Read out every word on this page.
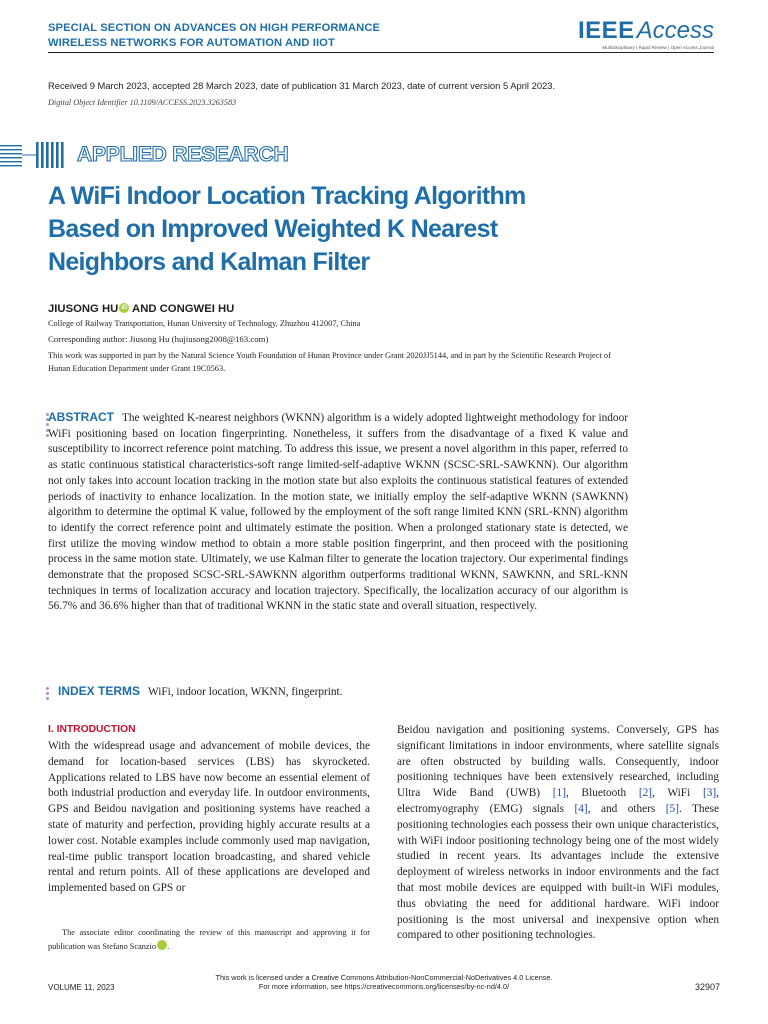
SPECIAL SECTION ON ADVANCES ON HIGH PERFORMANCE
WIRELESS NETWORKS FOR AUTOMATION AND IIOT	IEEEAccess
Multidisciplinary | Rapid Review | Open Access Journal
Received 9 March 2023, accepted 28 March 2023, date of publication 31 March 2023, date of current version 5 April 2023.
Digital Object Identifier 10.1109/ACCESS.2023.3263583
APPLIED RESEARCH
A WiFi Indoor Location Tracking Algorithm
Based on Improved Weighted K Nearest
Neighbors and Kalman Filter
JIUSONG HU iD AND CONGWEI HU
College of Railway Transportation, Hunan University of Technology, Zhuzhou 412007, China
Corresponding author: Jiusong Hu (hujiusong2008@163.com)
This work was supported in part by the Natural Science Youth Foundation of Hunan Province under Grant 2020JJ5144, and in part by the Scientific Research Project of Hunan Education Department under Grant 19C0563.
ABSTRACT The weighted K-nearest neighbors (WKNN) algorithm is a widely adopted lightweight methodology for indoor WiFi positioning based on location fingerprinting. Nonetheless, it suffers from the disadvantage of a fixed K value and susceptibility to incorrect reference point matching. To address this issue, we present a novel algorithm in this paper, referred to as static continuous statistical characteristics-soft range limited-self-adaptive WKNN (SCSC-SRL-SAWKNN). Our algorithm not only takes into account location tracking in the motion state but also exploits the continuous statistical features of extended periods of inactivity to enhance localization. In the motion state, we initially employ the self-adaptive WKNN (SAWKNN) algorithm to determine the optimal K value, followed by the employment of the soft range limited KNN (SRL-KNN) algorithm to identify the correct reference point and ultimately estimate the position. When a prolonged stationary state is detected, we first utilize the moving window method to obtain a more stable position fingerprint, and then proceed with the positioning process in the same motion state. Ultimately, we use Kalman filter to generate the location trajectory. Our experimental findings demonstrate that the proposed SCSC-SRL-SAWKNN algorithm outperforms traditional WKNN, SAWKNN, and SRL-KNN techniques in terms of localization accuracy and location trajectory. Specifically, the localization accuracy of our algorithm is 56.7% and 36.6% higher than that of traditional WKNN in the static state and overall situation, respectively.
INDEX TERMS WiFi, indoor location, WKNN, fingerprint.
I. INTRODUCTION
With the widespread usage and advancement of mobile devices, the demand for location-based services (LBS) has skyrocketed. Applications related to LBS have now become an essential element of both industrial production and everyday life. In outdoor environments, GPS and Beidou navigation and positioning systems have reached a state of maturity and perfection, providing highly accurate results at a lower cost. Notable examples include commonly used map navigation, real-time public transport location broadcasting, and shared vehicle rental and return points. All of these applications are developed and implemented based on GPS or
Beidou navigation and positioning systems. Conversely, GPS has significant limitations in indoor environments, where satellite signals are often obstructed by building walls. Consequently, indoor positioning techniques have been extensively researched, including Ultra Wide Band (UWB) [1], Bluetooth [2], WiFi [3], electromyography (EMG) signals [4], and others [5]. These positioning technologies each possess their own unique characteristics, with WiFi indoor positioning technology being one of the most widely studied in recent years. Its advantages include the extensive deployment of wireless networks in indoor environments and the fact that most mobile devices are equipped with built-in WiFi modules, thus obviating the need for additional hardware. WiFi indoor positioning is the most universal and inexpensive option when compared to other positioning technologies.
The associate editor coordinating the review of this manuscript and approving it for publication was Stefano Scanzio	iD.
This work is licensed under a Creative Commons Attribution-NonCommercial-NoDerivatives 4.0 License.
For more information, see https://creativecommons.org/licenses/by-nc-nd/4.0/
VOLUME 11, 2023	32907
